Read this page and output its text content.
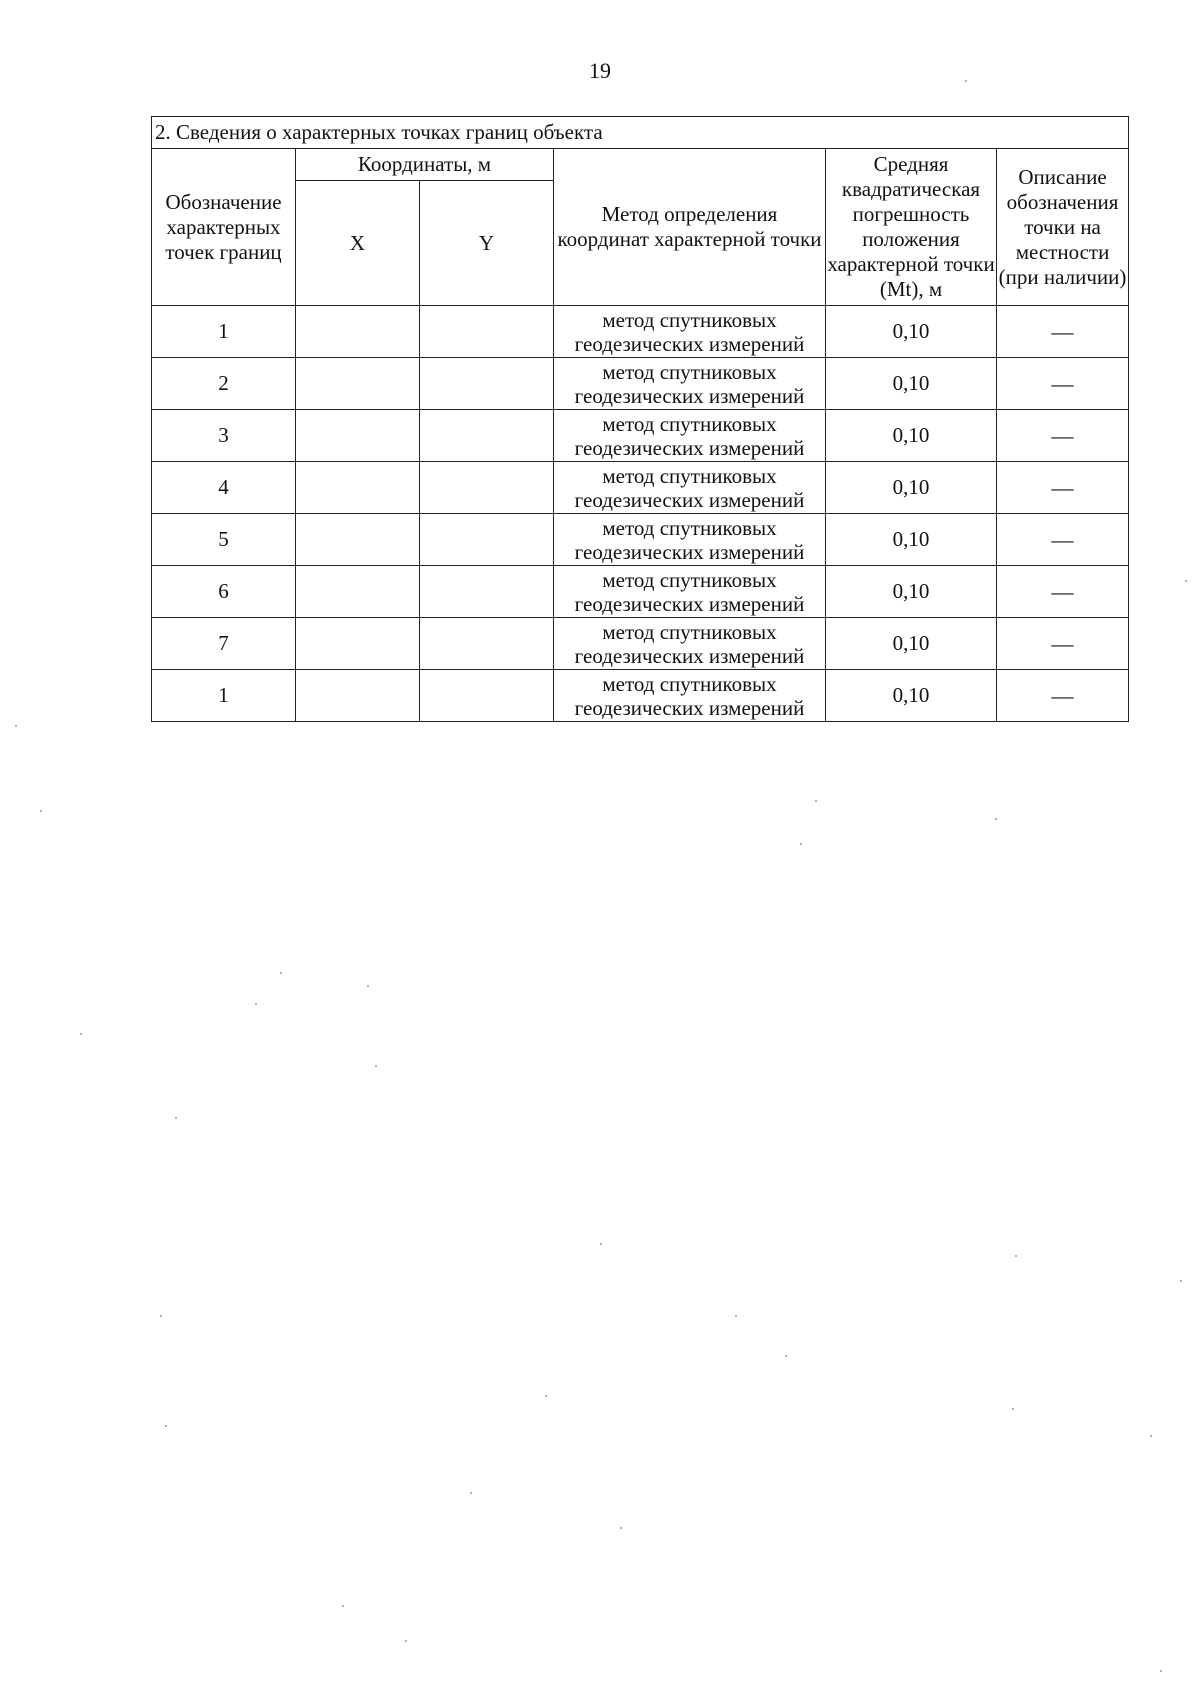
19
2. Сведения о характерных точках границ объекта					
Обозначение характерных точек границ	Координаты, м		Метод определения координат характерной точки	Средняя квадратическая погрешность положения характерной точки (Mt), м	Описание обозначения точки на местности (при наличии)
	X	Y			
1			метод спутниковых геодезических измерений	0,10	—
2			метод спутниковых геодезических измерений	0,10	—
3			метод спутниковых геодезических измерений	0,10	—
4			метод спутниковых геодезических измерений	0,10	—
5			метод спутниковых геодезических измерений	0,10	—
6			метод спутниковых геодезических измерений	0,10	—
7			метод спутниковых геодезических измерений	0,10	—
1			метод спутниковых геодезических измерений	0,10	—
